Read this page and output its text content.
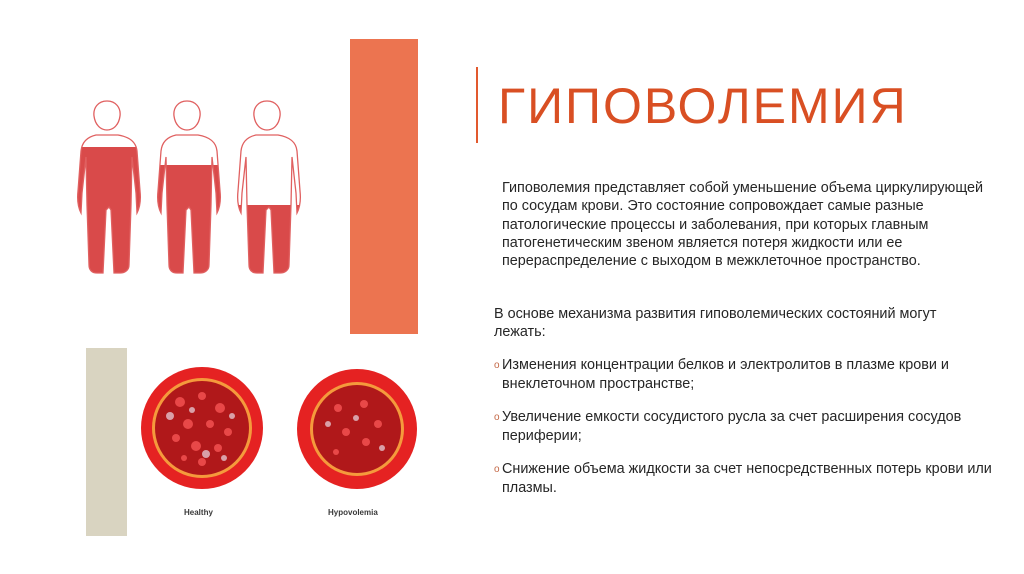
ГИПОВОЛЕМИЯ
Гиповолемия представляет собой уменьшение объема циркулирующей по сосудам крови. Это состояние сопровождает самые разные патологические процессы и заболевания, при которых главным патогенетическим звеном является потеря жидкости или ее перераспределение с выходом в межклеточное пространство.
В основе механизма развития гиповолемических состояний могут лежать:
o Изменения концентрации белков и электролитов в плазме крови и внеклеточном пространстве;
o Увеличение емкости сосудистого русла за счет расширения сосудов периферии;
o Снижение объема жидкости за счет непосредственных потерь крови или плазмы.
Healthy	Hypovolemia
